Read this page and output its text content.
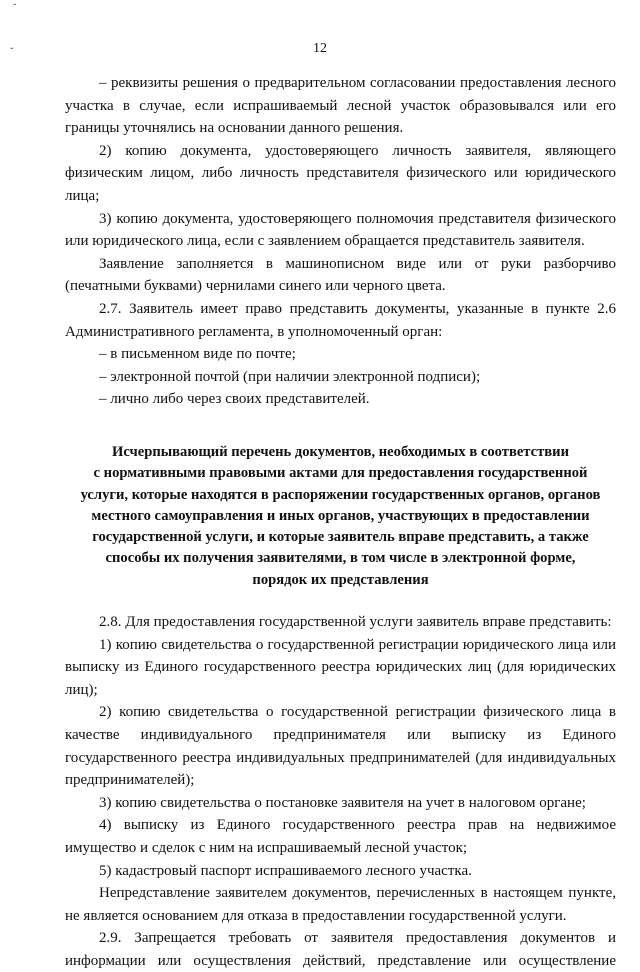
˘
ˇ	12

– реквизиты решения о предварительном согласовании предоставления лесного участка в случае, если испрашиваемый лесной участок образовывался или его границы уточнялись на основании данного решения.

2) копию документа, удостоверяющего личность заявителя, являющего физическим лицом, либо личность представителя физического или юридического лица;

3) копию документа, удостоверяющего полномочия представителя физического или юридического лица, если с заявлением обращается представитель заявителя.

Заявление заполняется в машинописном виде или от руки разборчиво (печатными буквами) чернилами синего или черного цвета.

2.7. Заявитель имеет право представить документы, указанные в пункте 2.6 Административного регламента, в уполномоченный орган:

– в письменном виде по почте;

– электронной почтой (при наличии электронной подписи);

– лично либо через своих представителей.

Исчерпывающий перечень документов, необходимых в соответствии
с нормативными правовыми актами для предоставления государственной
услуги, которые находятся в распоряжении государственных органов, органов
местного самоуправления и иных органов, участвующих в предоставлении
государственной услуги, и которые заявитель вправе представить, а также
способы их получения заявителями, в том числе в электронной форме,
порядок их представления

2.8. Для предоставления государственной услуги заявитель вправе представить:

1) копию свидетельства о государственной регистрации юридического лица или выписку из Единого государственного реестра юридических лиц (для юридических лиц);

2) копию свидетельства о государственной регистрации физического лица в качестве индивидуального предпринимателя или выписку из Единого государственного реестра индивидуальных предпринимателей (для индивидуальных предпринимателей);

3) копию свидетельства о постановке заявителя на учет в налоговом органе;

4) выписку из Единого государственного реестра прав на недвижимое имущество и сделок с ним на испрашиваемый лесной участок;

5) кадастровый паспорт испрашиваемого лесного участка.

Непредставление заявителем документов, перечисленных в настоящем пункте, не является основанием для отказа в предоставлении государственной услуги.

2.9. Запрещается требовать от заявителя предоставления документов и информации или осуществления действий, представление или осуществление
